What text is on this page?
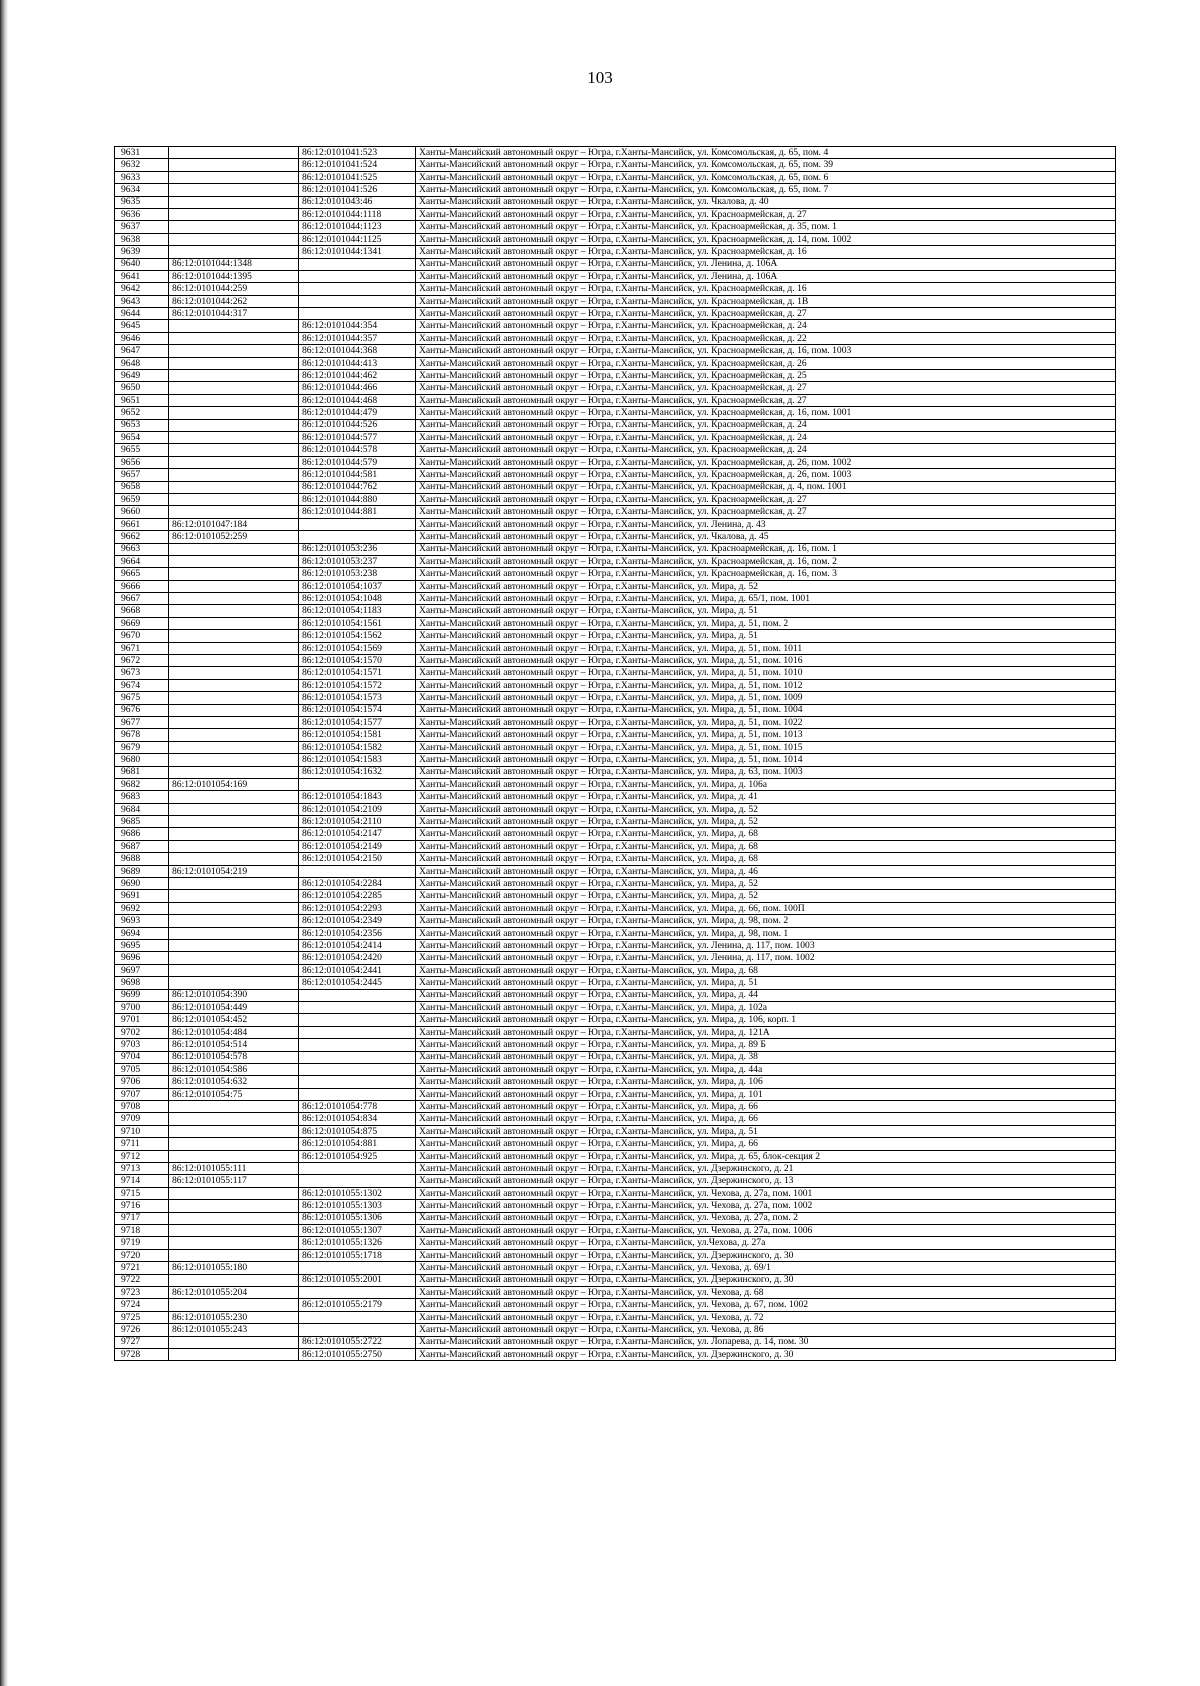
103
9631		86:12:0101041:523	Ханты-Мансийский автономный округ – Югра, г.Ханты-Мансийск, ул. Комсомольская, д. 65, пом. 4
9632		86:12:0101041:524	Ханты-Мансийский автономный округ – Югра, г.Ханты-Мансийск, ул. Комсомольская, д. 65, пом. 39
9633		86:12:0101041:525	Ханты-Мансийский автономный округ – Югра, г.Ханты-Мансийск, ул. Комсомольская, д. 65, пом. 6
9634		86:12:0101041:526	Ханты-Мансийский автономный округ – Югра, г.Ханты-Мансийск, ул. Комсомольская, д. 65, пом. 7
9635		86:12:0101043:46	Ханты-Мансийский автономный округ – Югра, г.Ханты-Мансийск, ул. Чкалова, д. 40
9636		86:12:0101044:1118	Ханты-Мансийский автономный округ – Югра, г.Ханты-Мансийск, ул. Красноармейская, д. 27
9637		86:12:0101044:1123	Ханты-Мансийский автономный округ – Югра, г.Ханты-Мансийск, ул. Красноармейская, д. 35, пом. 1
9638		86:12:0101044:1125	Ханты-Мансийский автономный округ – Югра, г.Ханты-Мансийск, ул. Красноармейская, д. 14, пом. 1002
9639		86:12:0101044:1341	Ханты-Мансийский автономный округ – Югра, г.Ханты-Мансийск, ул. Красноармейская, д. 16
9640	86:12:0101044:1348		Ханты-Мансийский автономный округ – Югра, г.Ханты-Мансийск, ул. Ленина, д. 106А
9641	86:12:0101044:1395		Ханты-Мансийский автономный округ – Югра, г.Ханты-Мансийск, ул. Ленина, д. 106А
9642	86:12:0101044:259		Ханты-Мансийский автономный округ – Югра, г.Ханты-Мансийск, ул. Красноармейская, д. 16
9643	86:12:0101044:262		Ханты-Мансийский автономный округ – Югра, г.Ханты-Мансийск, ул. Красноармейская, д. 1В
9644	86:12:0101044:317		Ханты-Мансийский автономный округ – Югра, г.Ханты-Мансийск, ул. Красноармейская, д. 27
9645		86:12:0101044:354	Ханты-Мансийский автономный округ – Югра, г.Ханты-Мансийск, ул. Красноармейская, д. 24
9646		86:12:0101044:357	Ханты-Мансийский автономный округ – Югра, г.Ханты-Мансийск, ул. Красноармейская, д. 22
9647		86:12:0101044:368	Ханты-Мансийский автономный округ – Югра, г.Ханты-Мансийск, ул. Красноармейская, д. 16, пом. 1003
9648		86:12:0101044:413	Ханты-Мансийский автономный округ – Югра, г.Ханты-Мансийск, ул. Красноармейская, д. 26
9649		86:12:0101044:462	Ханты-Мансийский автономный округ – Югра, г.Ханты-Мансийск, ул. Красноармейская, д. 25
9650		86:12:0101044:466	Ханты-Мансийский автономный округ – Югра, г.Ханты-Мансийск, ул. Красноармейская, д. 27
9651		86:12:0101044:468	Ханты-Мансийский автономный округ – Югра, г.Ханты-Мансийск, ул. Красноармейская, д. 27
9652		86:12:0101044:479	Ханты-Мансийский автономный округ – Югра, г.Ханты-Мансийск, ул. Красноармейская, д. 16, пом. 1001
9653		86:12:0101044:526	Ханты-Мансийский автономный округ – Югра, г.Ханты-Мансийск, ул. Красноармейская, д. 24
9654		86:12:0101044:577	Ханты-Мансийский автономный округ – Югра, г.Ханты-Мансийск, ул. Красноармейская, д. 24
9655		86:12:0101044:578	Ханты-Мансийский автономный округ – Югра, г.Ханты-Мансийск, ул. Красноармейская, д. 24
9656		86:12:0101044:579	Ханты-Мансийский автономный округ – Югра, г.Ханты-Мансийск, ул. Красноармейская, д. 26, пом. 1002
9657		86:12:0101044:581	Ханты-Мансийский автономный округ – Югра, г.Ханты-Мансийск, ул. Красноармейская, д. 26, пом. 1003
9658		86:12:0101044:762	Ханты-Мансийский автономный округ – Югра, г.Ханты-Мансийск, ул. Красноармейская, д. 4, пом. 1001
9659		86:12:0101044:880	Ханты-Мансийский автономный округ – Югра, г.Ханты-Мансийск, ул. Красноармейская, д. 27
9660		86:12:0101044:881	Ханты-Мансийский автономный округ – Югра, г.Ханты-Мансийск, ул. Красноармейская, д. 27
9661	86:12:0101047:184		Ханты-Мансийский автономный округ – Югра, г.Ханты-Мансийск, ул. Ленина, д. 43
9662	86:12:0101052:259		Ханты-Мансийский автономный округ – Югра, г.Ханты-Мансийск, ул. Чкалова, д. 45
9663		86:12:0101053:236	Ханты-Мансийский автономный округ – Югра, г.Ханты-Мансийск, ул. Красноармейская, д. 16, пом. 1
9664		86:12:0101053:237	Ханты-Мансийский автономный округ – Югра, г.Ханты-Мансийск, ул. Красноармейская, д. 16, пом. 2
9665		86:12:0101053:238	Ханты-Мансийский автономный округ – Югра, г.Ханты-Мансийск, ул. Красноармейская, д. 16, пом. 3
9666		86:12:0101054:1037	Ханты-Мансийский автономный округ – Югра, г.Ханты-Мансийск, ул. Мира, д. 52
9667		86:12:0101054:1048	Ханты-Мансийский автономный округ – Югра, г.Ханты-Мансийск, ул. Мира, д. 65/1, пом. 1001
9668		86:12:0101054:1183	Ханты-Мансийский автономный округ – Югра, г.Ханты-Мансийск, ул. Мира, д. 51
9669		86:12:0101054:1561	Ханты-Мансийский автономный округ – Югра, г.Ханты-Мансийск, ул. Мира, д. 51, пом. 2
9670		86:12:0101054:1562	Ханты-Мансийский автономный округ – Югра, г.Ханты-Мансийск, ул. Мира, д. 51
9671		86:12:0101054:1569	Ханты-Мансийский автономный округ – Югра, г.Ханты-Мансийск, ул. Мира, д. 51, пом. 1011
9672		86:12:0101054:1570	Ханты-Мансийский автономный округ – Югра, г.Ханты-Мансийск, ул. Мира, д. 51, пом. 1016
9673		86:12:0101054:1571	Ханты-Мансийский автономный округ – Югра, г.Ханты-Мансийск, ул. Мира, д. 51, пом. 1010
9674		86:12:0101054:1572	Ханты-Мансийский автономный округ – Югра, г.Ханты-Мансийск, ул. Мира, д. 51, пом. 1012
9675		86:12:0101054:1573	Ханты-Мансийский автономный округ – Югра, г.Ханты-Мансийск, ул. Мира, д. 51, пом. 1009
9676		86:12:0101054:1574	Ханты-Мансийский автономный округ – Югра, г.Ханты-Мансийск, ул. Мира, д. 51, пом. 1004
9677		86:12:0101054:1577	Ханты-Мансийский автономный округ – Югра, г.Ханты-Мансийск, ул. Мира, д. 51, пом. 1022
9678		86:12:0101054:1581	Ханты-Мансийский автономный округ – Югра, г.Ханты-Мансийск, ул. Мира, д. 51, пом. 1013
9679		86:12:0101054:1582	Ханты-Мансийский автономный округ – Югра, г.Ханты-Мансийск, ул. Мира, д. 51, пом. 1015
9680		86:12:0101054:1583	Ханты-Мансийский автономный округ – Югра, г.Ханты-Мансийск, ул. Мира, д. 51, пом. 1014
9681		86:12:0101054:1632	Ханты-Мансийский автономный округ – Югра, г.Ханты-Мансийск, ул. Мира, д. 63, пом. 1003
9682	86:12:0101054:169		Ханты-Мансийский автономный округ – Югра, г.Ханты-Мансийск, ул. Мира, д. 106а
9683		86:12:0101054:1843	Ханты-Мансийский автономный округ – Югра, г.Ханты-Мансийск, ул. Мира, д. 41
9684		86:12:0101054:2109	Ханты-Мансийский автономный округ – Югра, г.Ханты-Мансийск, ул. Мира, д. 52
9685		86:12:0101054:2110	Ханты-Мансийский автономный округ – Югра, г.Ханты-Мансийск, ул. Мира, д. 52
9686		86:12:0101054:2147	Ханты-Мансийский автономный округ – Югра, г.Ханты-Мансийск, ул. Мира, д. 68
9687		86:12:0101054:2149	Ханты-Мансийский автономный округ – Югра, г.Ханты-Мансийск, ул. Мира, д. 68
9688		86:12:0101054:2150	Ханты-Мансийский автономный округ – Югра, г.Ханты-Мансийск, ул. Мира, д. 68
9689	86:12:0101054:219		Ханты-Мансийский автономный округ – Югра, г.Ханты-Мансийск, ул. Мира, д. 46
9690		86:12:0101054:2284	Ханты-Мансийский автономный округ – Югра, г.Ханты-Мансийск, ул. Мира, д. 52
9691		86:12:0101054:2285	Ханты-Мансийский автономный округ – Югра, г.Ханты-Мансийск, ул. Мира, д. 52
9692		86:12:0101054:2293	Ханты-Мансийский автономный округ – Югра, г.Ханты-Мансийск, ул. Мира, д. 66, пом. 100П
9693		86:12:0101054:2349	Ханты-Мансийский автономный округ – Югра, г.Ханты-Мансийск, ул. Мира, д. 98, пом. 2
9694		86:12:0101054:2356	Ханты-Мансийский автономный округ – Югра, г.Ханты-Мансийск, ул. Мира, д. 98, пом. 1
9695		86:12:0101054:2414	Ханты-Мансийский автономный округ – Югра, г.Ханты-Мансийск, ул. Ленина, д. 117, пом. 1003
9696		86:12:0101054:2420	Ханты-Мансийский автономный округ – Югра, г.Ханты-Мансийск, ул. Ленина, д. 117, пом. 1002
9697		86:12:0101054:2441	Ханты-Мансийский автономный округ – Югра, г.Ханты-Мансийск, ул. Мира, д. 68
9698		86:12:0101054:2445	Ханты-Мансийский автономный округ – Югра, г.Ханты-Мансийск, ул. Мира, д. 51
9699	86:12:0101054:390		Ханты-Мансийский автономный округ – Югра, г.Ханты-Мансийск, ул. Мира, д. 44
9700	86:12:0101054:449		Ханты-Мансийский автономный округ – Югра, г.Ханты-Мансийск, ул. Мира, д. 102а
9701	86:12:0101054:452		Ханты-Мансийский автономный округ – Югра, г.Ханты-Мансийск, ул. Мира, д. 106, корп. 1
9702	86:12:0101054:484		Ханты-Мансийский автономный округ – Югра, г.Ханты-Мансийск, ул. Мира, д. 121А
9703	86:12:0101054:514		Ханты-Мансийский автономный округ – Югра, г.Ханты-Мансийск, ул. Мира, д. 89 Б
9704	86:12:0101054:578		Ханты-Мансийский автономный округ – Югра, г.Ханты-Мансийск, ул. Мира, д. 38
9705	86:12:0101054:586		Ханты-Мансийский автономный округ – Югра, г.Ханты-Мансийск, ул. Мира, д. 44а
9706	86:12:0101054:632		Ханты-Мансийский автономный округ – Югра, г.Ханты-Мансийск, ул. Мира, д. 106
9707	86:12:0101054:75		Ханты-Мансийский автономный округ – Югра, г.Ханты-Мансийск, ул. Мира, д. 101
9708		86:12:0101054:778	Ханты-Мансийский автономный округ – Югра, г.Ханты-Мансийск, ул. Мира, д. 66
9709		86:12:0101054:834	Ханты-Мансийский автономный округ – Югра, г.Ханты-Мансийск, ул. Мира, д. 66
9710		86:12:0101054:875	Ханты-Мансийский автономный округ – Югра, г.Ханты-Мансийск, ул. Мира, д. 51
9711		86:12:0101054:881	Ханты-Мансийский автономный округ – Югра, г.Ханты-Мансийск, ул. Мира, д. 66
9712		86:12:0101054:925	Ханты-Мансийский автономный округ – Югра, г.Ханты-Мансийск, ул. Мира, д. 65, блок-секция 2
9713	86:12:0101055:111		Ханты-Мансийский автономный округ – Югра, г.Ханты-Мансийск, ул. Дзержинского, д. 21
9714	86:12:0101055:117		Ханты-Мансийский автономный округ – Югра, г.Ханты-Мансийск, ул. Дзержинского, д. 13
9715		86:12:0101055:1302	Ханты-Мансийский автономный округ – Югра, г.Ханты-Мансийск, ул. Чехова, д. 27а, пом. 1001
9716		86:12:0101055:1303	Ханты-Мансийский автономный округ – Югра, г.Ханты-Мансийск, ул. Чехова, д. 27а, пом. 1002
9717		86:12:0101055:1306	Ханты-Мансийский автономный округ – Югра, г.Ханты-Мансийск, ул. Чехова, д. 27а, пом. 2
9718		86:12:0101055:1307	Ханты-Мансийский автономный округ – Югра, г.Ханты-Мансийск, ул. Чехова, д. 27а, пом. 1006
9719		86:12:0101055:1326	Ханты-Мансийский автономный округ – Югра, г.Ханты-Мансийск, ул.Чехова, д. 27а
9720		86:12:0101055:1718	Ханты-Мансийский автономный округ – Югра, г.Ханты-Мансийск, ул. Дзержинского, д. 30
9721	86:12:0101055:180		Ханты-Мансийский автономный округ – Югра, г.Ханты-Мансийск, ул. Чехова, д. 69/1
9722		86:12:0101055:2001	Ханты-Мансийский автономный округ – Югра, г.Ханты-Мансийск, ул. Дзержинского, д. 30
9723	86:12:0101055:204		Ханты-Мансийский автономный округ – Югра, г.Ханты-Мансийск, ул. Чехова, д. 68
9724		86:12:0101055:2179	Ханты-Мансийский автономный округ – Югра, г.Ханты-Мансийск, ул. Чехова, д. 67, пом. 1002
9725	86:12:0101055:230		Ханты-Мансийский автономный округ – Югра, г.Ханты-Мансийск, ул. Чехова, д. 72
9726	86:12:0101055:243		Ханты-Мансийский автономный округ – Югра, г.Ханты-Мансийск, ул. Чехова, д. 86
9727		86:12:0101055:2722	Ханты-Мансийский автономный округ – Югра, г.Ханты-Мансийск, ул. Лопарева, д. 14, пом. 30
9728		86:12:0101055:2750	Ханты-Мансийский автономный округ – Югра, г.Ханты-Мансийск, ул. Дзержинского, д. 30
